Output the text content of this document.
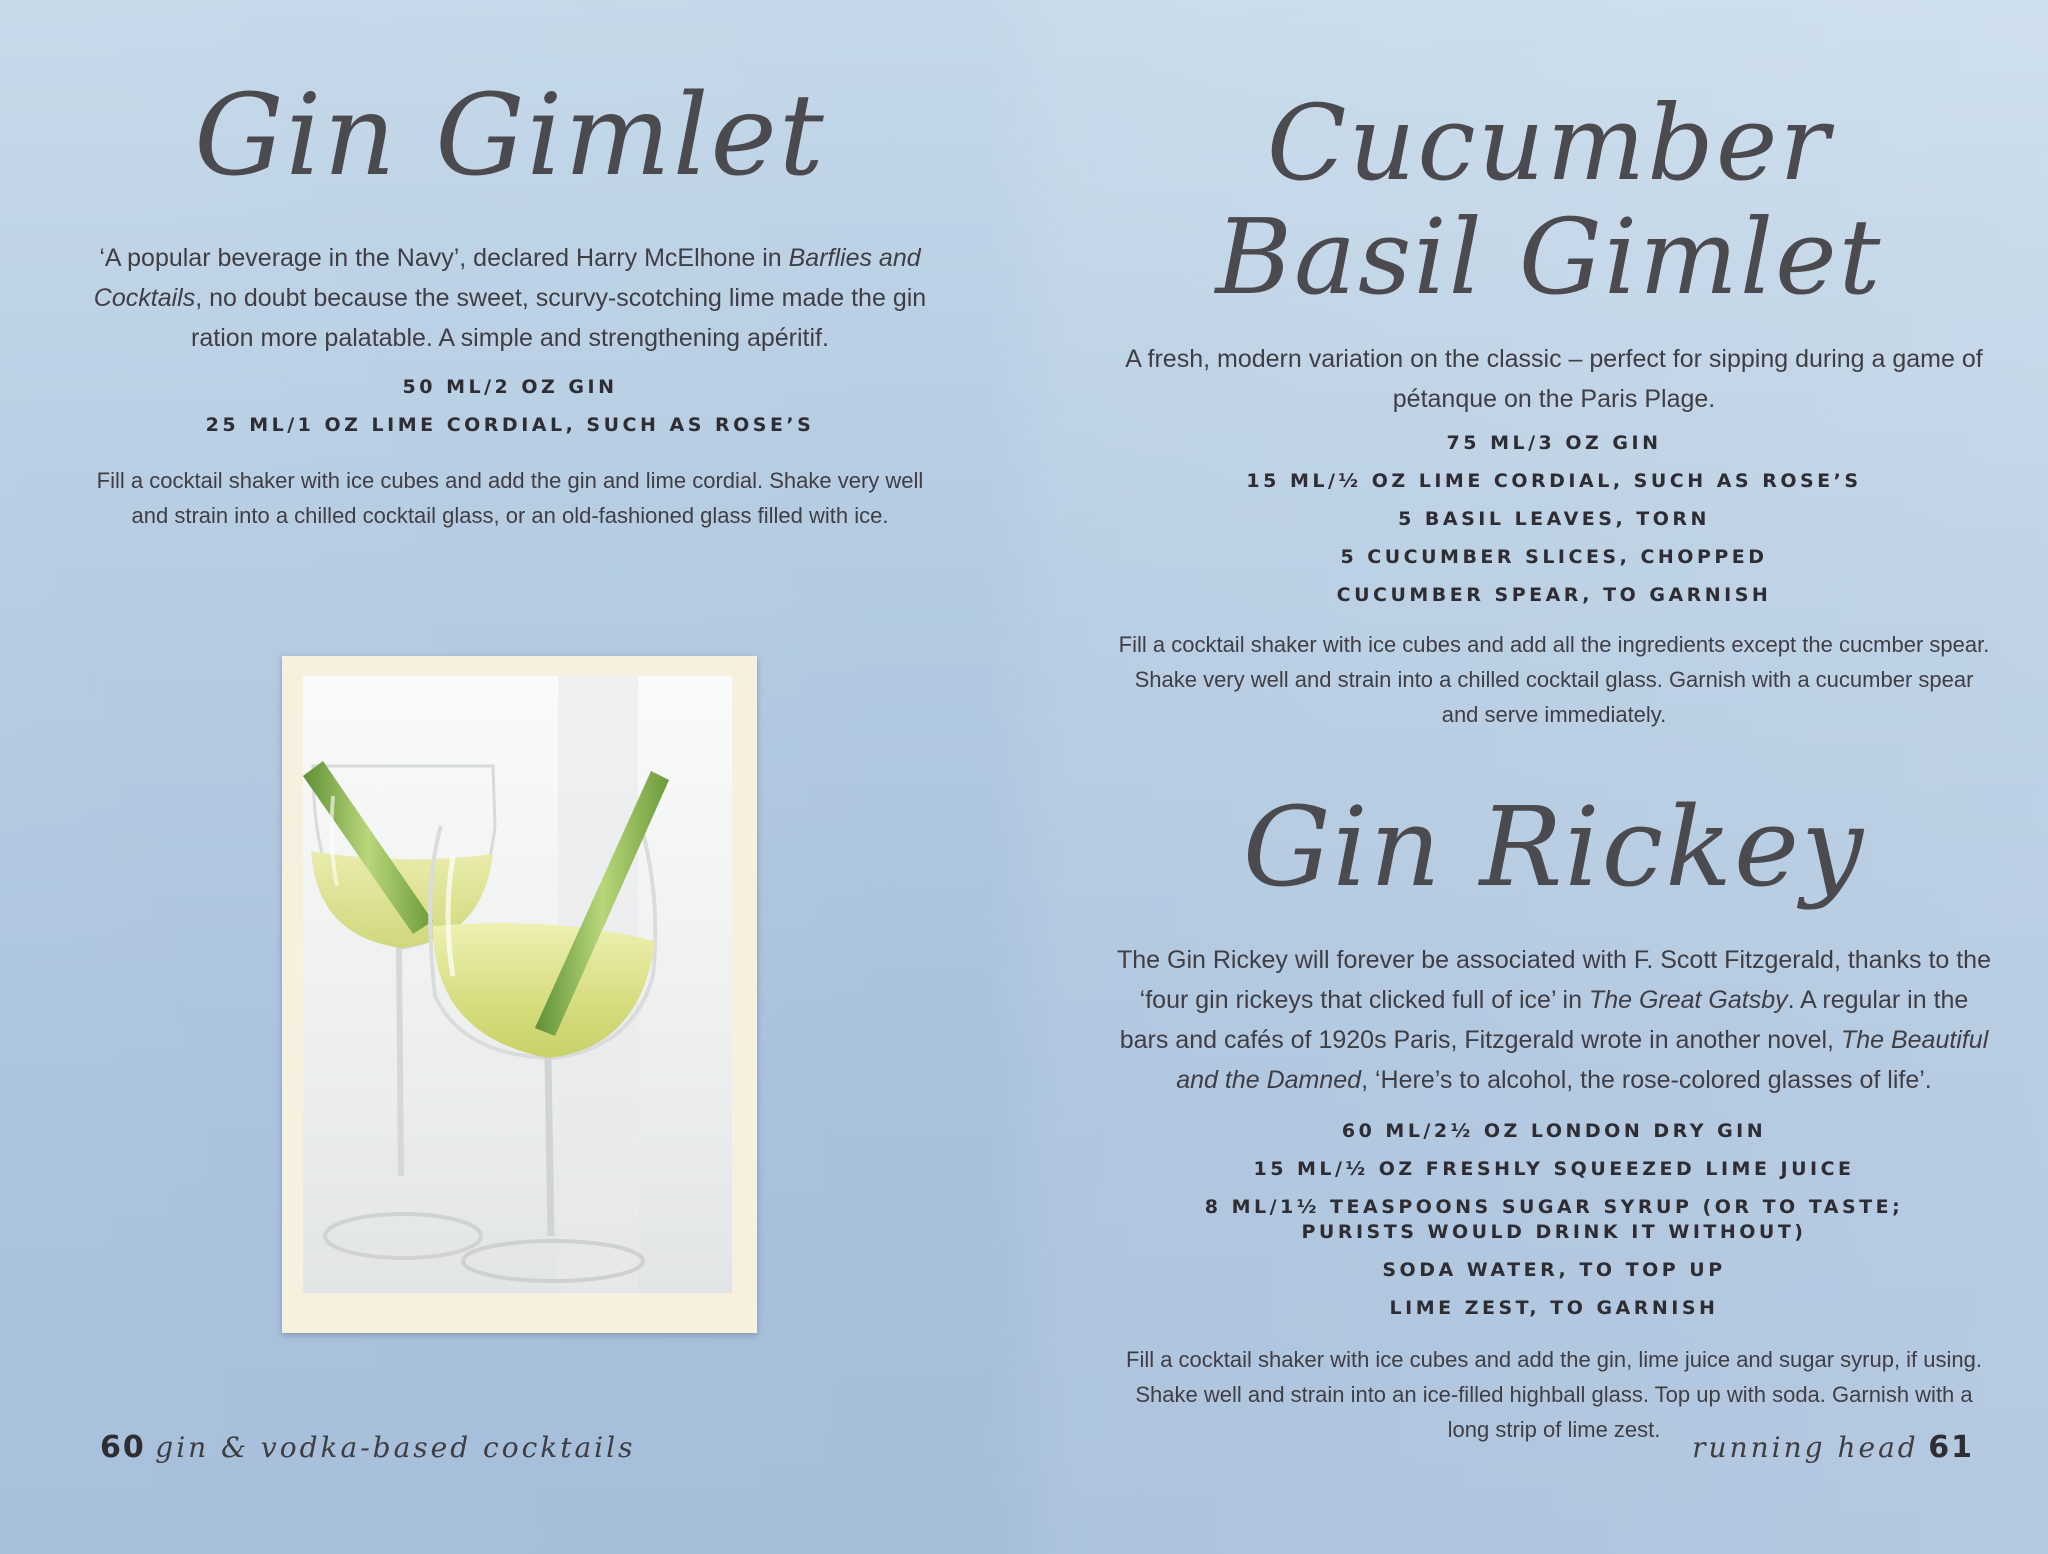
Gin Gimlet

‘A popular beverage in the Navy’, declared Harry McElhone in Barflies and Cocktails, no doubt because the sweet, scurvy-scotching lime made the gin ration more palatable. A simple and strengthening apéritif.

50 ML/2 OZ GIN
25 ML/1 OZ LIME CORDIAL, SUCH AS ROSE’S

Fill a cocktail shaker with ice cubes and add the gin and lime cordial. Shake very well and strain into a chilled cocktail glass, or an old-fashioned glass filled with ice.

60 gin & vodka-based cocktails
Cucumber
Basil Gimlet

A fresh, modern variation on the classic – perfect for sipping during a game of pétanque on the Paris Plage.

75 ML/3 OZ GIN
15 ML/½ OZ LIME CORDIAL, SUCH AS ROSE’S
5 BASIL LEAVES, TORN
5 CUCUMBER SLICES, CHOPPED
CUCUMBER SPEAR, TO GARNISH

Fill a cocktail shaker with ice cubes and add all the ingredients except the cucmber spear. Shake very well and strain into a chilled cocktail glass. Garnish with a cucumber spear and serve immediately.

Gin Rickey

The Gin Rickey will forever be associated with F. Scott Fitzgerald, thanks to the ‘four gin rickeys that clicked full of ice’ in The Great Gatsby. A regular in the bars and cafés of 1920s Paris, Fitzgerald wrote in another novel, The Beautiful and the Damned, ‘Here’s to alcohol, the rose-colored glasses of life’.

60 ML/2½ OZ LONDON DRY GIN
15 ML/½ OZ FRESHLY SQUEEZED LIME JUICE
8 ML/1½ TEASPOONS SUGAR SYRUP (OR TO TASTE; PURISTS WOULD DRINK IT WITHOUT)
SODA WATER, TO TOP UP
LIME ZEST, TO GARNISH

Fill a cocktail shaker with ice cubes and add the gin, lime juice and sugar syrup, if using. Shake well and strain into an ice-filled highball glass. Top up with soda. Garnish with a long strip of lime zest.

running head 61
